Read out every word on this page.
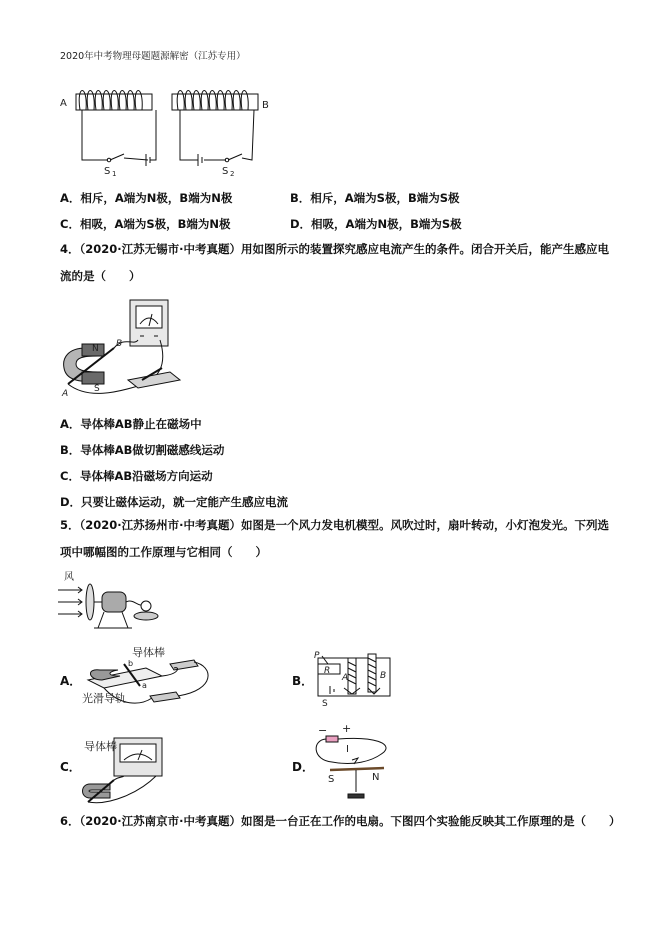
2020年中考物理母题题源解密（江苏专用）
A	B
S 1	S 2
A．相斥，A端为N极，B端为N极	B．相斥，A端为S极，B端为S极
C．相吸，A端为S极，B端为N极	D．相吸，A端为N极，B端为S极
4．（2020·江苏无锡市·中考真题）用如图所示的装置探究感应电流产生的条件。闭合开关后，能产生感应电
流的是（　　）
N
S
A
B
A．导体棒AB静止在磁场中
B．导体棒AB做切割磁感线运动
C．导体棒AB沿磁场方向运动
D．只要让磁体运动，就一定能产生感应电流
5．（2020·江苏扬州市·中考真题）如图是一个风力发电机模型。风吹过时，扇叶转动，小灯泡发光。下列选
项中哪幅图的工作原理与它相同（　　）
风
A．
导体棒
b
a
光滑导轨
B．
P
R
A	B
S
C．
导体棒
D．
− +
I
S	N
6．（2020·江苏南京市·中考真题）如图是一台正在工作的电扇。下图四个实验能反映其工作原理的是（　　）
